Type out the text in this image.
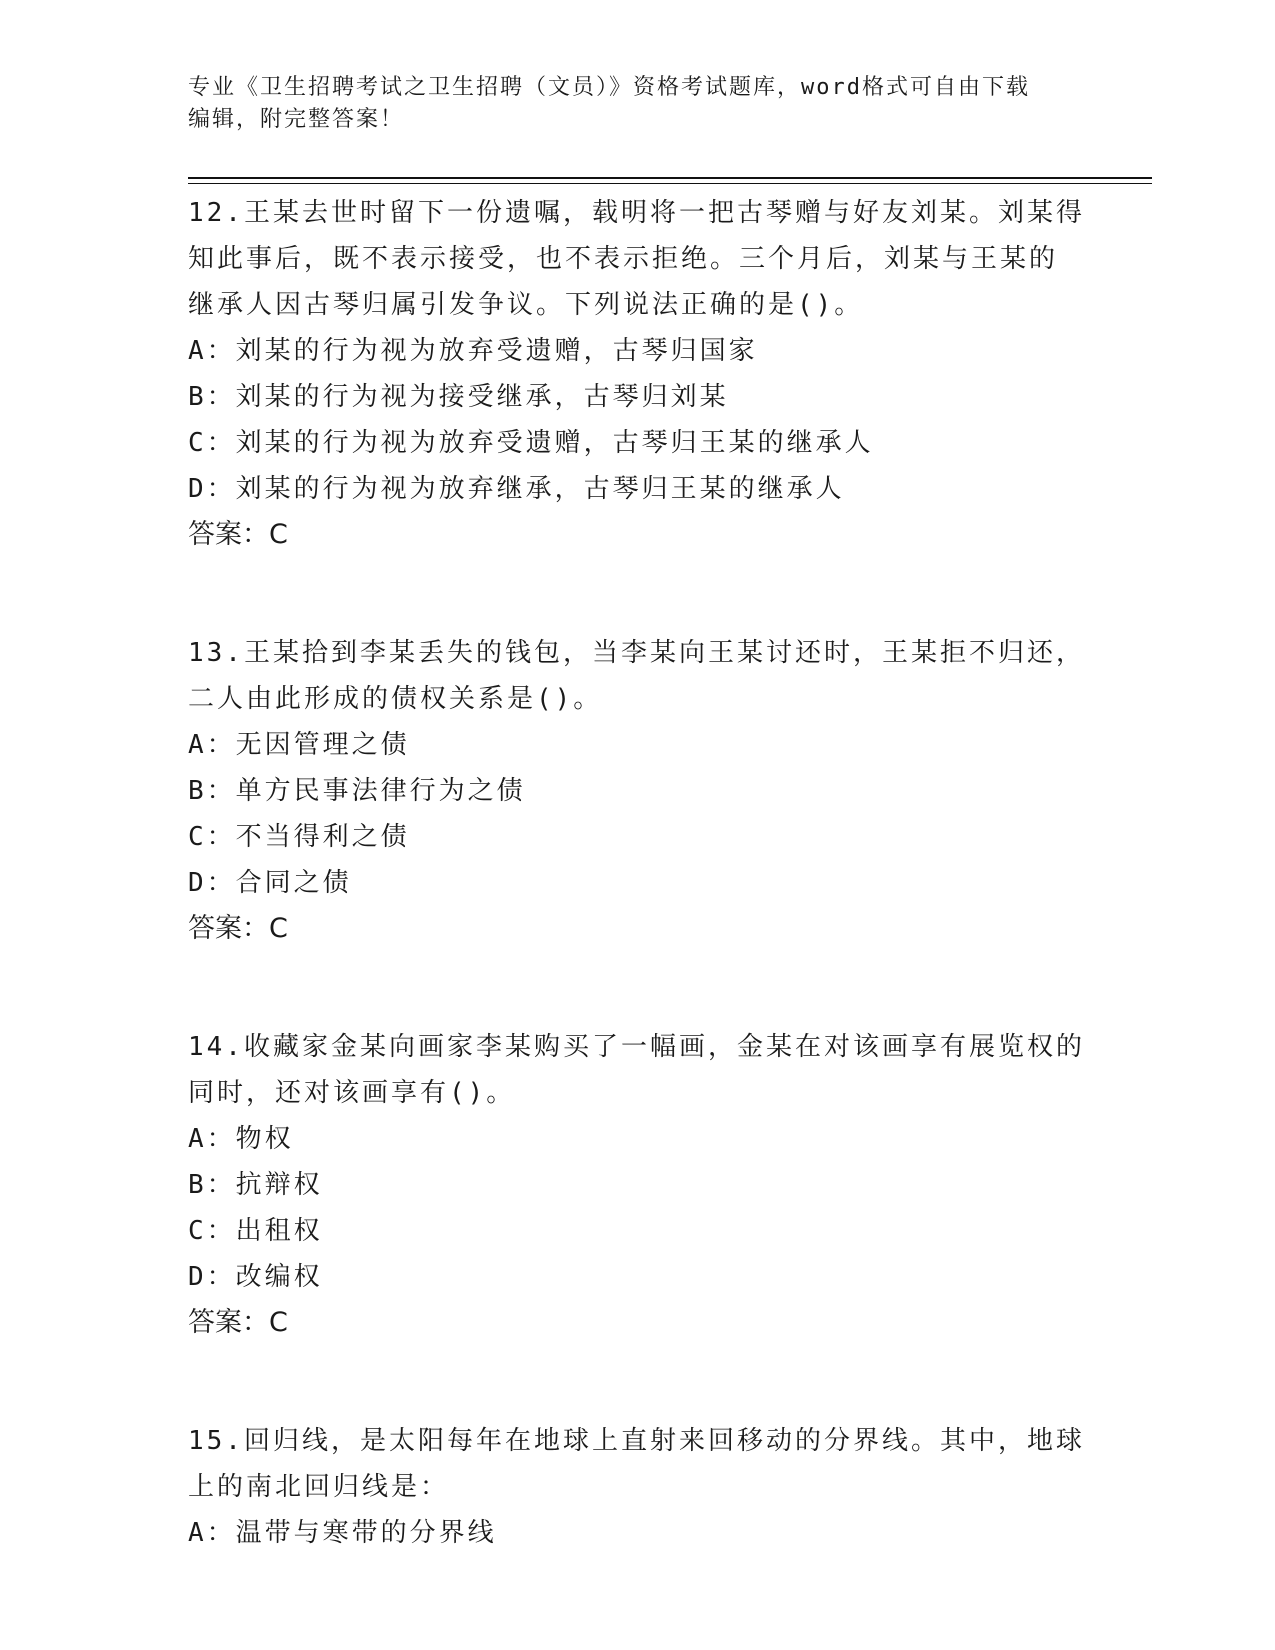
专业《卫生招聘考试之卫生招聘（文员）》资格考试题库，word格式可自由下载
编辑，附完整答案！

12.王某去世时留下一份遗嘱，载明将一把古琴赠与好友刘某。刘某得

知此事后，既不表示接受，也不表示拒绝。三个月后，刘某与王某的

继承人因古琴归属引发争议。下列说法正确的是()。

A：刘某的行为视为放弃受遗赠，古琴归国家

B：刘某的行为视为接受继承，古琴归刘某

C：刘某的行为视为放弃受遗赠，古琴归王某的继承人

D：刘某的行为视为放弃继承，古琴归王某的继承人

答案：C

13.王某拾到李某丢失的钱包，当李某向王某讨还时，王某拒不归还，

二人由此形成的债权关系是()。

A：无因管理之债

B：单方民事法律行为之债

C：不当得利之债

D：合同之债

答案：C

14.收藏家金某向画家李某购买了一幅画，金某在对该画享有展览权的

同时，还对该画享有()。

A：物权

B：抗辩权

C：出租权

D：改编权

答案：C

15.回归线，是太阳每年在地球上直射来回移动的分界线。其中，地球

上的南北回归线是：

A：温带与寒带的分界线
